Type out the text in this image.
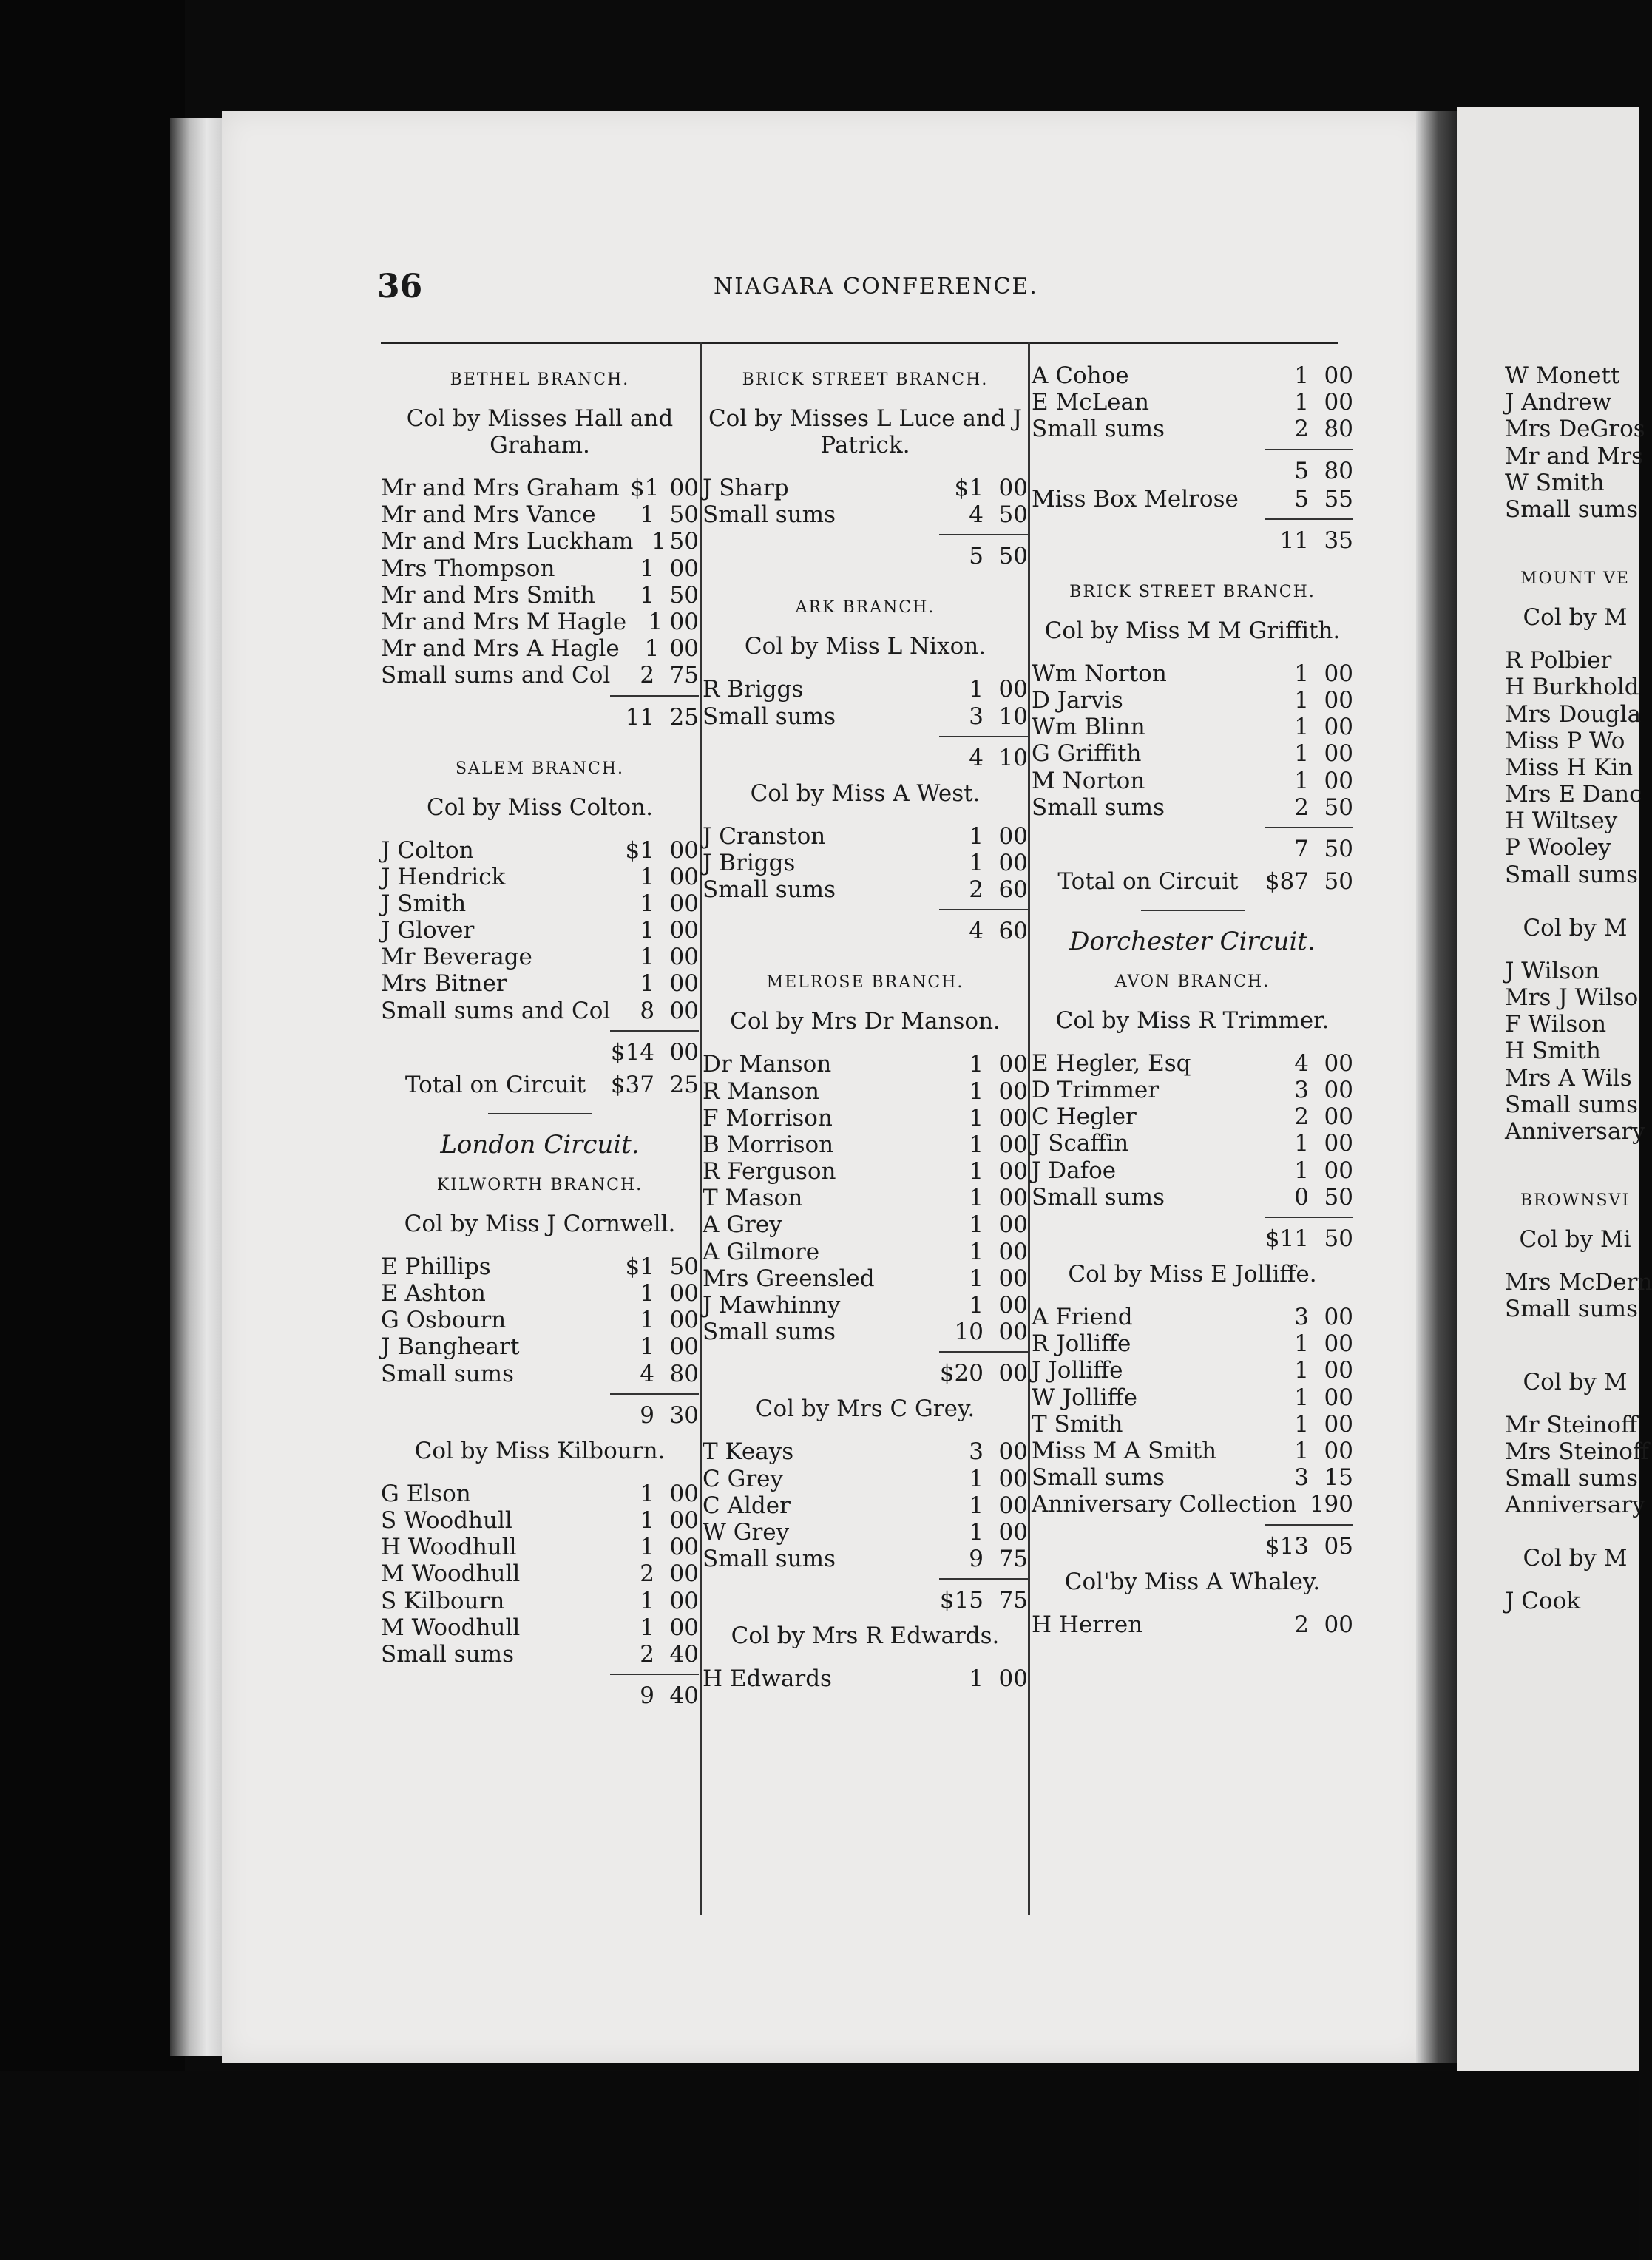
36	NIAGARA CONFERENCE.
BETHEL BRANCH.
Col by Misses Hall and Graham.
Mr and Mrs Graham $1 00
Mr and Mrs Vance	1 50
Mr and Mrs Luckham 1 50
Mrs Thompson	1 00
Mr and Mrs Smith	1 50
Mr and Mrs M Hagle 1 00
Mr and Mrs A Hagle	1 00
Small sums and Col	2 75
11 25
SALEM BRANCH.
Col by Miss Colton.
J Colton	$1 00
J Hendrick	1 00
J Smith	1 00
J Glover	1 00
Mr Beverage	1 00
Mrs Bitner	1 00
Small sums and Col	8 00
$14 00
Total on Circuit	$37 25
London Circuit.
KILWORTH BRANCH.
Col by Miss J Cornwell.
E Phillips	$1 50
E Ashton	1 00
G Osbourn	1 00
J Bangheart	1 00
Small sums	4 80
9 30
Col by Miss Kilbourn.
G Elson	1 00
S Woodhull	1 00
H Woodhull	1 00
M Woodhull	2 00
S Kilbourn	1 00
M Woodhull	1 00
Small sums	2 40
9 40
BRICK STREET BRANCH.
Col by Misses L Luce and J Patrick.
J Sharp	$1 00
Small sums	4 50
5 50
ARK BRANCH.
Col by Miss L Nixon.
R Briggs	1 00
Small sums	3 10
4 10
Col by Miss A West.
J Cranston	1 00
J Briggs	1 00
Small sums	2 60
4 60
MELROSE BRANCH.
Col by Mrs Dr Manson.
Dr Manson	1 00
R Manson	1 00
F Morrison	1 00
B Morrison	1 00
R Ferguson	1 00
T Mason	1 00
A Grey	1 00
A Gilmore	1 00
Mrs Greensled	1 00
J Mawhinny	1 00
Small sums	10 00
$20 00
Col by Mrs C Grey.
T Keays	3 00
C Grey	1 00
C Alder	1 00
W Grey	1 00
Small sums	9 75
$15 75
Col by Mrs R Edwards.
H Edwards	1 00
A Cohoe	1 00
E McLean	1 00
Small sums	2 80
5 80
Miss Box Melrose	5 55
11 35
BRICK STREET BRANCH.
Col by Miss M M Griffith.
Wm Norton	1 00
D Jarvis	1 00
Wm Blinn	1 00
G Griffith	1 00
M Norton	1 00
Small sums	2 50
7 50
Total on Circuit	$87 50
Dorchester Circuit.
AVON BRANCH.
Col by Miss R Trimmer.
E Hegler, Esq	4 00
D Trimmer	3 00
C Hegler	2 00
J Scaffin	1 00
J Dafoe	1 00
Small sums	0 50
$11 50
Col by Miss E Jolliffe.
A Friend	3 00
R Jolliffe	1 00
J Jolliffe	1 00
W Jolliffe	1 00
T Smith	1 00
Miss M A Smith	1 00
Small sums	3 15
Anniversary Collection 1 90
$13 05
Col'by Miss A Whaley.
H Herren	2 00
W Monett
J Andrew
Mrs DeGros
Mr and Mrs
W Smith
Small sums
MOUNT VE
Col by M
R Polbier
H Burkhold
Mrs Dougla
Miss P Wo
Miss H Kin
Mrs E Danc
H Wiltsey
P Wooley
Small sums
Col by M
J Wilson
Mrs J Wilso
F Wilson
H Smith
Mrs A Wils
Small sums
Anniversary
BROWNSVI
Col by Mi
Mrs McDern
Small sums
Col by M
Mr Steinoff
Mrs Steinoff
Small sums
Anniversary
Col by M
J Cook
